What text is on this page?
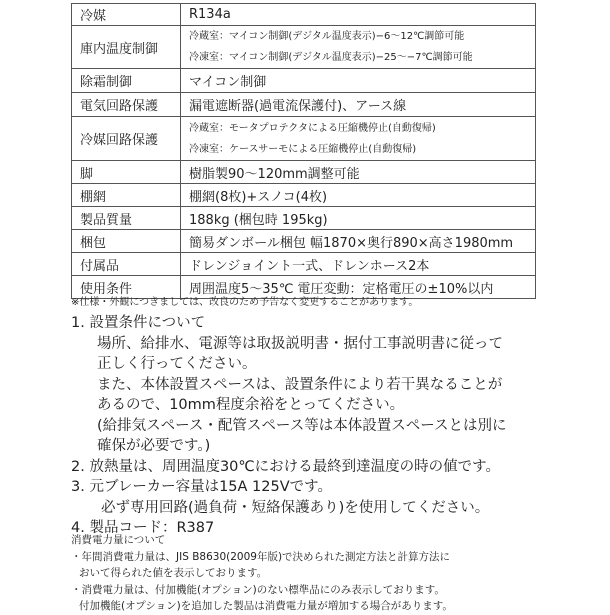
冷媒	R134a
庫内温度制御	冷蔵室：マイコン制御(デジタル温度表示)−6〜12℃調節可能
冷凍室：マイコン制御(デジタル温度表示)−25〜−7℃調節可能

除霜制御	マイコン制御
電気回路保護	漏電遮断器(過電流保護付)、アース線
冷媒回路保護	冷蔵室：モータプロテクタによる圧縮機停止(自動復帰)
冷凍室：ケースサーモによる圧縮機停止(自動復帰)

脚	樹脂製90〜120mm調整可能
棚網	棚網(8枚)+スノコ(4枚)
製品質量	188kg (梱包時 195kg)
梱包	簡易ダンボール梱包 幅1870×奥行890×高さ1980mm
付属品	ドレンジョイント一式、ドレンホース2本
使用条件	周囲温度5〜35℃ 電圧変動：定格電圧の±10%以内
※仕様・外観につきましては、改良のため予告なく変更することがあります。
1. 設置条件について
場所、給排水、電源等は取扱説明書・据付工事説明書に従って
正しく行ってください。
また、本体設置スペースは、設置条件により若干異なることが
あるので、10mm程度余裕をとってください。
(給排気スペース・配管スペース等は本体設置スペースとは別に
確保が必要です。)
2. 放熱量は、周囲温度30℃における最終到達温度の時の値です。
3. 元ブレーカー容量は15A 125Vです。
必ず専用回路(過負荷・短絡保護あり)を使用してください。
4. 製品コード：R387
消費電力量について
・年間消費電力量は、JIS B8630(2009年版)で決められた測定方法と計算方法に
おいて得られた値を表示しております。
・消費電力量は、付加機能(オプション)のない標準品にのみ表示しております。
付加機能(オプション)を追加した製品は消費電力量が増加する場合があります。
